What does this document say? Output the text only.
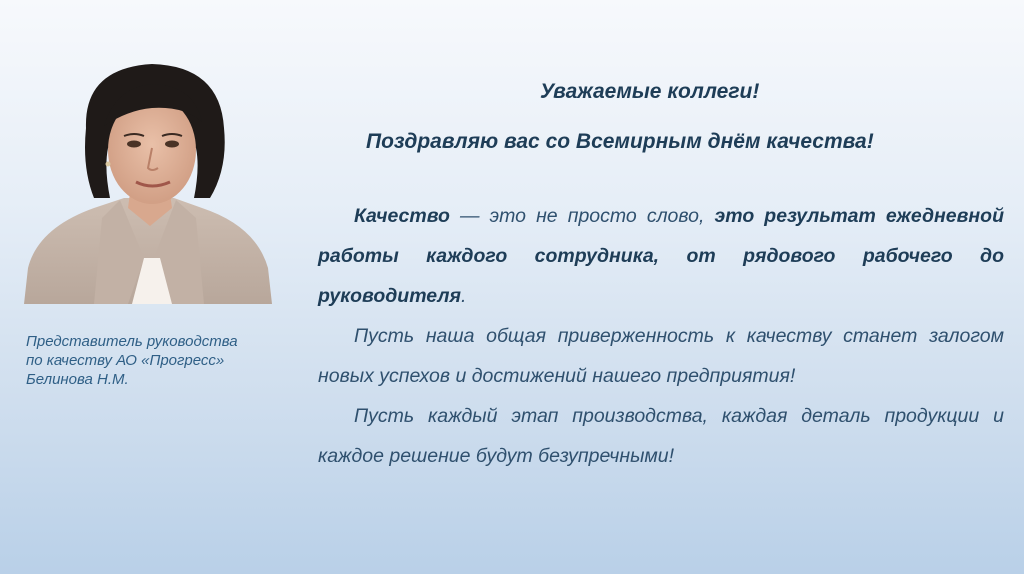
Представитель руководства
по качеству АО «Прогресс»
Белинова Н.М.
Уважаемые коллеги!
Поздравляю вас со Всемирным днём качества!

Качество — это не просто слово, это результат ежедневной работы каждого сотрудника, от рядового рабочего до руководителя.

Пусть наша общая приверженность к качеству станет залогом новых успехов и достижений нашего предприятия!

Пусть каждый этап производства, каждая деталь продукции и каждое решение будут безупречными!
